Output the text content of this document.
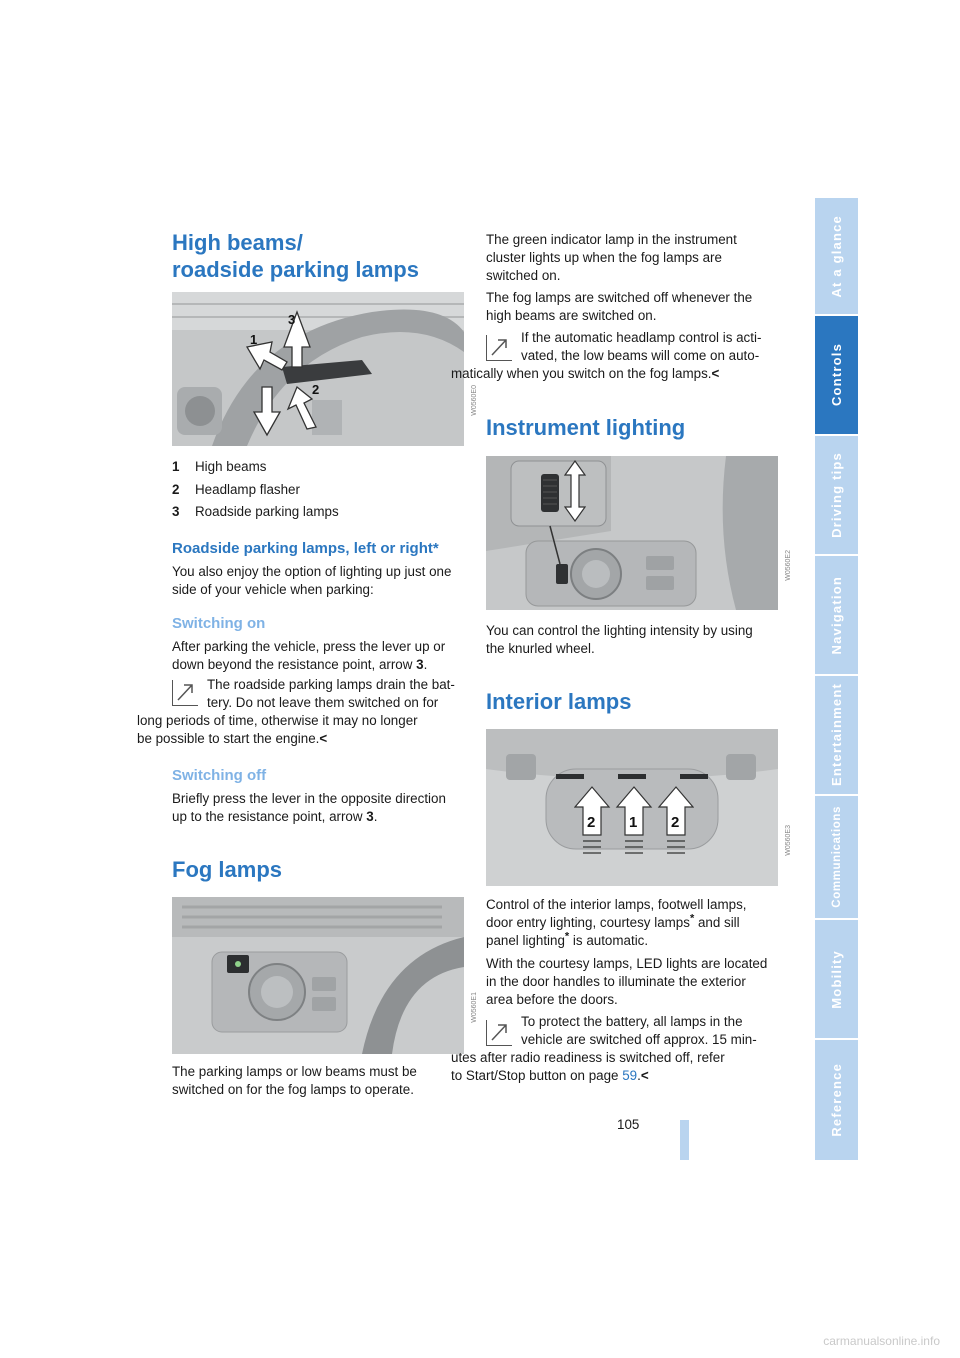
High beams/
roadside parking lamps
1
2
3
W0560E0
1 High beams
2 Headlamp flasher
3 Roadside parking lamps
Roadside parking lamps, left or right*

You also enjoy the option of lighting up just one
side of your vehicle when parking:

Switching on

After parking the vehicle, press the lever up or
down beyond the resistance point, arrow 3.

The roadside parking lamps drain the bat-
tery. Do not leave them switched on for
long periods of time, otherwise it may no longer
be possible to start the engine.<

Switching off

Briefly press the lever in the opposite direction
up to the resistance point, arrow 3.

Fog lamps
W0560E1

The parking lamps or low beams must be
switched on for the fog lamps to operate.

The green indicator lamp in the instrument
cluster lights up when the fog lamps are
switched on.

The fog lamps are switched off whenever the
high beams are switched on.

If the automatic headlamp control is acti-
vated, the low beams will come on auto-
matically when you switch on the fog lamps.<

Instrument lighting
W0560E2

You can control the lighting intensity by using
the knurled wheel.

Interior lamps
2 1 2
W0560E3

Control of the interior lamps, footwell lamps,
door entry lighting, courtesy lamps* and sill
panel lighting* is automatic.

With the courtesy lamps, LED lights are located
in the door handles to illuminate the exterior
area before the doors.

To protect the battery, all lamps in the
vehicle are switched off approx. 15 min-
utes after radio readiness is switched off, refer
to Start/Stop button on page 59.<

105
At a glance
Controls
Driving tips
Navigation
Entertainment
Communications
Mobility
Reference
carmanualsonline.info
